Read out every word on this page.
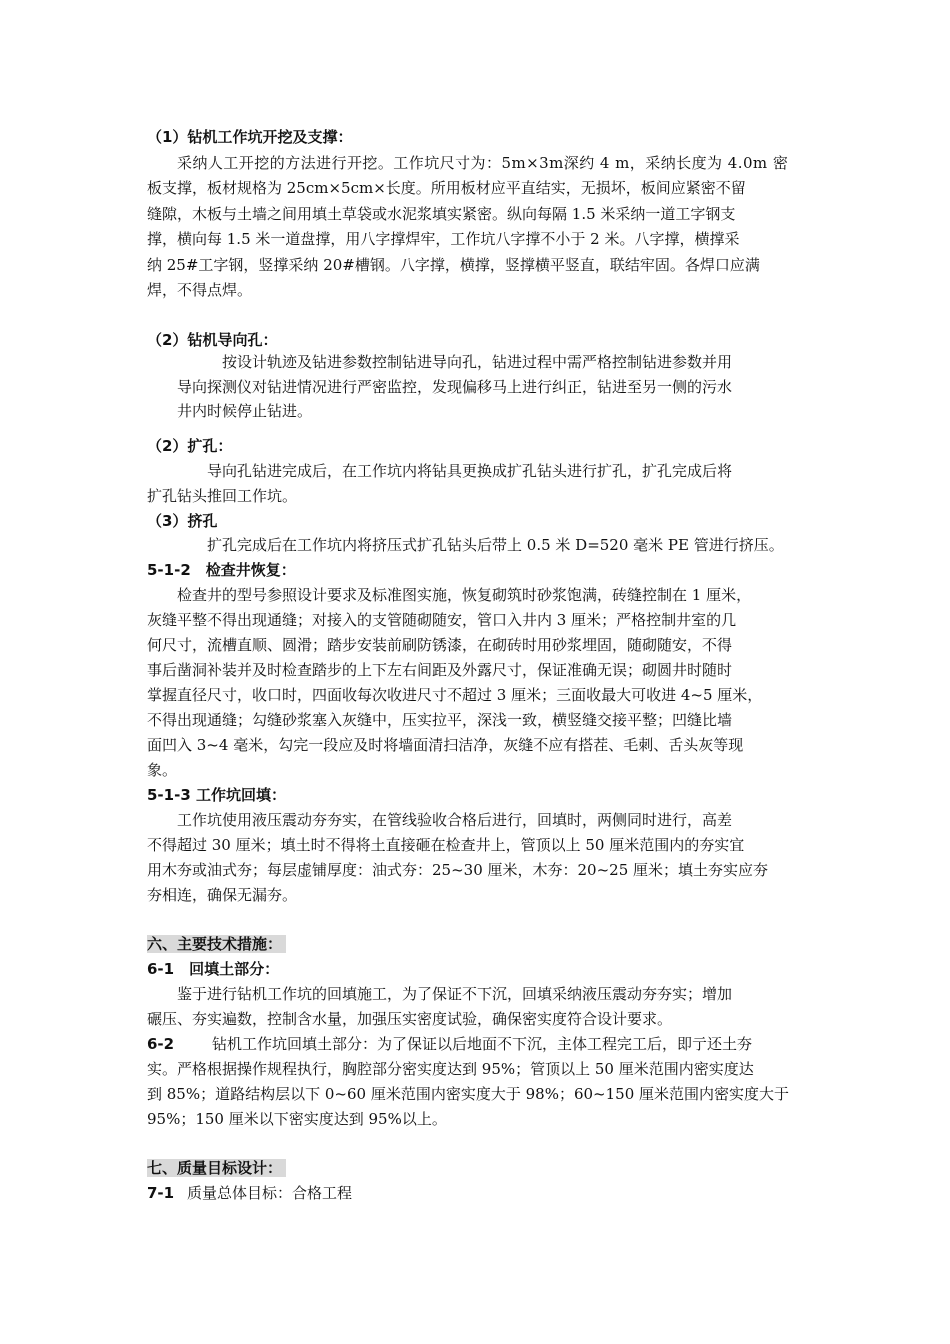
（1）钻机工作坑开挖及支撑：
采纳人工开挖的方法进行开挖。工作坑尺寸为：5m×3m深约 4 m，采纳长度为 4.0m 密
板支撑，板材规格为 25cm×5cm×长度。所用板材应平直结实，无损坏，板间应紧密不留
缝隙，木板与土墙之间用填土草袋或水泥浆填实紧密。纵向每隔 1.5 米采纳一道工字钢支
撑，横向每 1.5 米一道盘撑，用八字撑焊牢，工作坑八字撑不小于 2 米。八字撑，横撑采
纳 25#工字钢，竖撑采纳 20#槽钢。八字撑，横撑，竖撑横平竖直，联结牢固。各焊口应满
焊，不得点焊。
（2）钻机导向孔：
按设计轨迹及钻进参数控制钻进导向孔，钻进过程中需严格控制钻进参数并用
导向探测仪对钻进情况进行严密监控，发现偏移马上进行纠正，钻进至另一侧的污水
井内时候停止钻进。
（2）扩孔：
导向孔钻进完成后，在工作坑内将钻具更换成扩孔钻头进行扩孔，扩孔完成后将
扩孔钻头推回工作坑。
（3）挤孔
扩孔完成后在工作坑内将挤压式扩孔钻头后带上 0.5 米 D=520 毫米 PE 管进行挤压。
5-1-2　检查井恢复：
检查井的型号参照设计要求及标准图实施，恢复砌筑时砂浆饱满，砖缝控制在 1 厘米，
灰缝平整不得出现通缝；对接入的支管随砌随安，管口入井内 3 厘米；严格控制井室的几
何尺寸，流槽直顺、圆滑；踏步安装前刷防锈漆，在砌砖时用砂浆埋固，随砌随安，不得
事后凿洞补装并及时检查踏步的上下左右间距及外露尺寸，保证准确无误；砌圆井时随时
掌握直径尺寸，收口时，四面收每次收进尺寸不超过 3 厘米；三面收最大可收进 4~5 厘米，
不得出现通缝；勾缝砂浆塞入灰缝中，压实拉平，深浅一致，横竖缝交接平整；凹缝比墙
面凹入 3~4 毫米，勾完一段应及时将墙面清扫洁净，灰缝不应有搭茬、毛刺、舌头灰等现
象。
5-1-3 工作坑回填：
工作坑使用液压震动夯夯实，在管线验收合格后进行，回填时，两侧同时进行，高差
不得超过 30 厘米；填土时不得将土直接砸在检查井上，管顶以上 50 厘米范围内的夯实宜
用木夯或油式夯；每层虚铺厚度：油式夯：25~30 厘米，木夯：20~25 厘米；填土夯实应夯
夯相连，确保无漏夯。
六、主要技术措施：
6-1　回填土部分：
鉴于进行钻机工作坑的回填施工，为了保证不下沉，回填采纳液压震动夯夯实；增加
碾压、夯实遍数，控制含水量，加强压实密度试验，确保密实度符合设计要求。
6-2	钻机工作坑回填土部分：为了保证以后地面不下沉，主体工程完工后，即亍还土夯
实。严格根据操作规程执行，胸腔部分密实度达到 95%；管顶以上 50 厘米范围内密实度达
到 85%；道路结构层以下 0~60 厘米范围内密实度大于 98%；60~150 厘米范围内密实度大于
95%；150 厘米以下密实度达到 95%以上。
七、质量目标设计：
7-1 质量总体目标：合格工程
